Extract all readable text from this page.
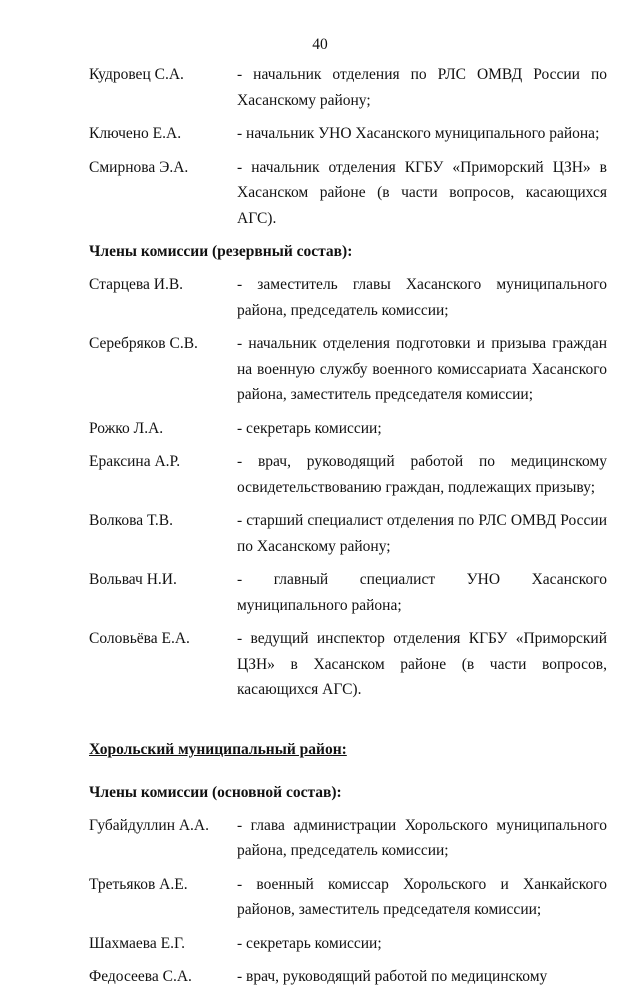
40
Кудровец С.А.	- начальник отделения по РЛС ОМВД России по Хасанскому району;
Ключено Е.А.	- начальник УНО Хасанского муниципального района;
Смирнова Э.А.	- начальник отделения КГБУ «Приморский ЦЗН» в Хасанском районе (в части вопросов, касающихся АГС).
Члены комиссии (резервный состав):
Старцева И.В.	- заместитель главы Хасанского муниципального района, председатель комиссии;
Серебряков С.В.	- начальник отделения подготовки и призыва граждан на военную службу военного комиссариата Хасанского района, заместитель председателя комиссии;
Рожко Л.А.	- секретарь комиссии;
Ераксина А.Р.	- врач, руководящий работой по медицинскому освидетельствованию граждан, подлежащих призыву;
Волкова Т.В.	- старший специалист отделения по РЛС ОМВД России по Хасанскому району;
Вольвач Н.И.	- главный специалист УНО Хасанского муниципального района;
Соловьёва Е.А.	- ведущий инспектор отделения КГБУ «Приморский ЦЗН» в Хасанском районе (в части вопросов, касающихся АГС).
Хорольский муниципальный район:
Члены комиссии (основной состав):
Губайдуллин А.А.	- глава администрации Хорольского муниципального района, председатель комиссии;
Третьяков А.Е.	- военный комиссар Хорольского и Ханкайского районов, заместитель председателя комиссии;
Шахмаева Е.Г.	- секретарь комиссии;
Федосеева С.А.	- врач, руководящий работой по медицинскому
